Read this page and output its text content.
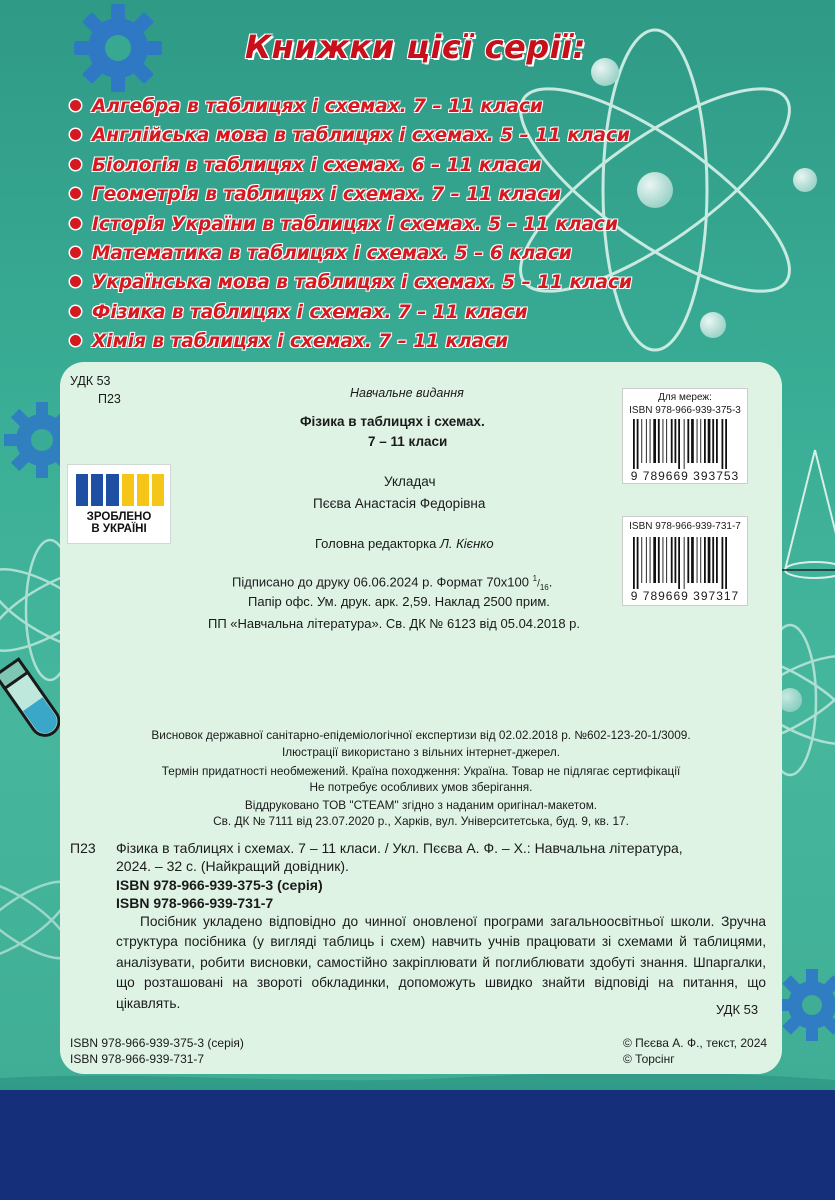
Книжки цієї серії:
Алгебра в таблицях і схемах. 7 – 11 класи
Англійська мова в таблицях і схемах. 5 – 11 класи
Біологія в таблицях і схемах. 6 – 11 класи
Геометрія в таблицях і схемах. 7 – 11 класи
Історія України в таблицях і схемах. 5 – 11 класи
Математика в таблицях і схемах. 5 – 6 класи
Українська мова в таблицях і схемах. 5 – 11 класи
Фізика в таблицях і схемах. 7 – 11 класи
Хімія в таблицях і схемах. 7 – 11 класи
УДК 53
П23	Навчальне видання
Фізика в таблицях і схемах.
7 – 11 класи
Укладач
Пєєва Анастасія Федорівна
Головна редакторка Л. Кієнко
Підписано до друку 06.06.2024 р. Формат 70x100 $^1/_{16}$.
Папір офс. Ум. друк. арк. 2,59. Наклад 2500 прим.
ПП «Навчальна література». Св. ДК № 6123 від 05.04.2018 р.
ЗРОБЛЕНО
В УКРАЇНІ
Для мереж:
ISBN 978-966-939-375-3
9 789669 393753
ISBN 978-966-939-731-7
9 789669 397317
Висновок державної санітарно-епідеміологічної експертизи від 02.02.2018 р. №602-123-20-1/3009.
Ілюстрації використано з вільних інтернет-джерел.
Термін придатності необмежений. Країна походження: Україна. Товар не підлягає сертифікації
Не потребує особливих умов зберігання.
Віддруковано ТОВ "СТЕАМ" згідно з наданим оригінал-макетом.
Св. ДК № 7111 від 23.07.2020 р., Харків, вул. Університетська, буд. 9, кв. 17.
П23 Фізика в таблицях і схемах. 7 – 11 класи. / Укл. Пєєва А. Ф. – Х.: Навчальна література,
2024. – 32 с. (Найкращий довідник).
ISBN 978-966-939-375-3 (серія)
ISBN 978-966-939-731-7
Посібник укладено відповідно до чинної оновленої програми загальноосвітньої школи. Зручна структура посібника (у вигляді таблиць і схем) навчить учнів працювати зі схемами й таблицями, аналізувати, робити висновки, самостійно закріплювати й поглиблювати здобуті знання. Шпаргалки, що розташовані на звороті обкладинки, допоможуть швидко знайти відповіді на питання, що цікавлять.	УДК 53
ISBN 978-966-939-375-3 (серія)
ISBN 978-966-939-731-7
© Пєєва А. Ф., текст, 2024
© Торсінг
